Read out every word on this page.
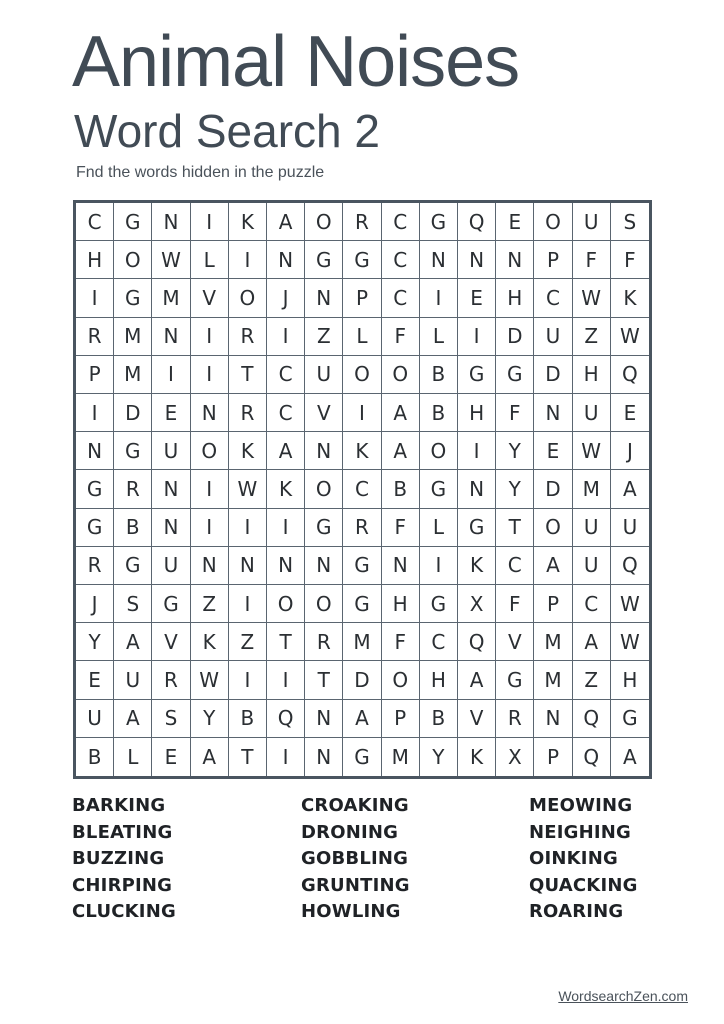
Animal Noises
Word Search 2
Fnd the words hidden in the puzzle
C	G	N	I	K	A	O	R	C	G	Q	E	O	U	S
H	O	W	L	I	N	G	G	C	N	N	N	P	F	F
I	G	M	V	O	J	N	P	C	I	E	H	C	W	K
R	M	N	I	R	I	Z	L	F	L	I	D	U	Z	W
P	M	I	I	T	C	U	O	O	B	G	G	D	H	Q
I	D	E	N	R	C	V	I	A	B	H	F	N	U	E
N	G	U	O	K	A	N	K	A	O	I	Y	E	W	J
G	R	N	I	W	K	O	C	B	G	N	Y	D	M	A
G	B	N	I	I	I	G	R	F	L	G	T	O	U	U
R	G	U	N	N	N	N	G	N	I	K	C	A	U	Q
J	S	G	Z	I	O	O	G	H	G	X	F	P	C	W
Y	A	V	K	Z	T	R	M	F	C	Q	V	M	A	W
E	U	R	W	I	I	T	D	O	H	A	G	M	Z	H
U	A	S	Y	B	Q	N	A	P	B	V	R	N	Q	G
B	L	E	A	T	I	N	G	M	Y	K	X	P	Q	A
BARKING
BLEATING
BUZZING
CHIRPING
CLUCKING
CROAKING
DRONING
GOBBLING
GRUNTING
HOWLING
MEOWING
NEIGHING
OINKING
QUACKING
ROARING
WordsearchZen.com
